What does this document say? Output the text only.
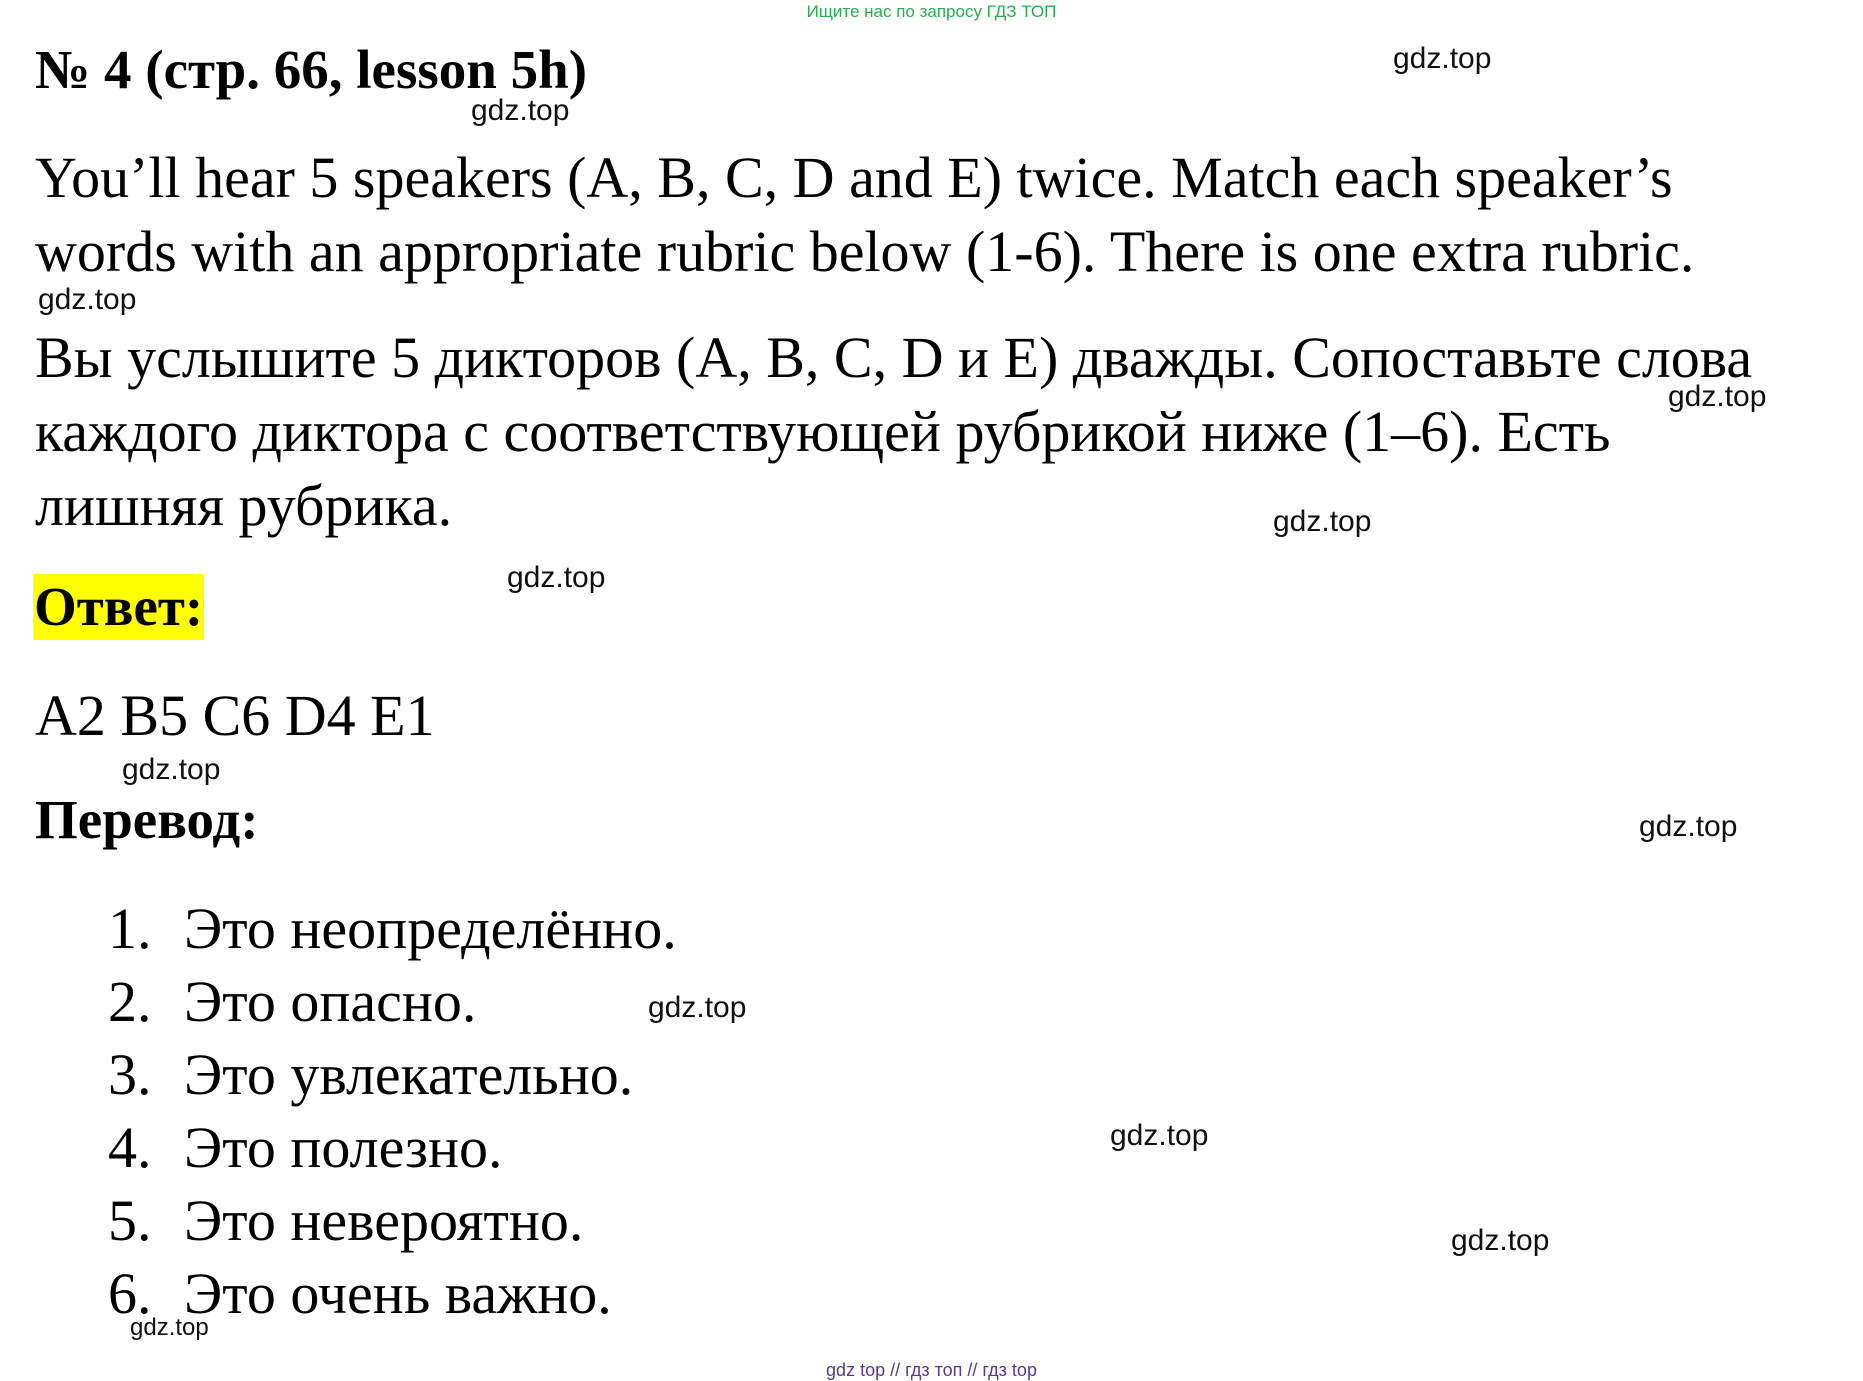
Ищите нас по запросу ГДЗ ТОП
№ 4 (стр. 66, lesson 5h)
You’ll hear 5 speakers (A, B, C, D and E) twice. Match each speaker’s
words with an appropriate rubric below (1-6). There is one extra rubric.
Вы услышите 5 дикторов (A, B, C, D и E) дважды. Сопоставьте слова
каждого диктора с соответствующей рубрикой ниже (1–6). Есть
лишняя рубрика.
Ответ:
A2 B5 C6 D4 E1
Перевод:
1. Это неопределённо.
2. Это опасно.
3. Это увлекательно.
4. Это полезно.
5. Это невероятно.
6. Это очень важно.
gdz.top
gdz.top
gdz.top
gdz.top
gdz.top
gdz.top
gdz.top
gdz.top
gdz.top
gdz.top
gdz.top
gdz.top
gdz top // гдз топ // гдз top
